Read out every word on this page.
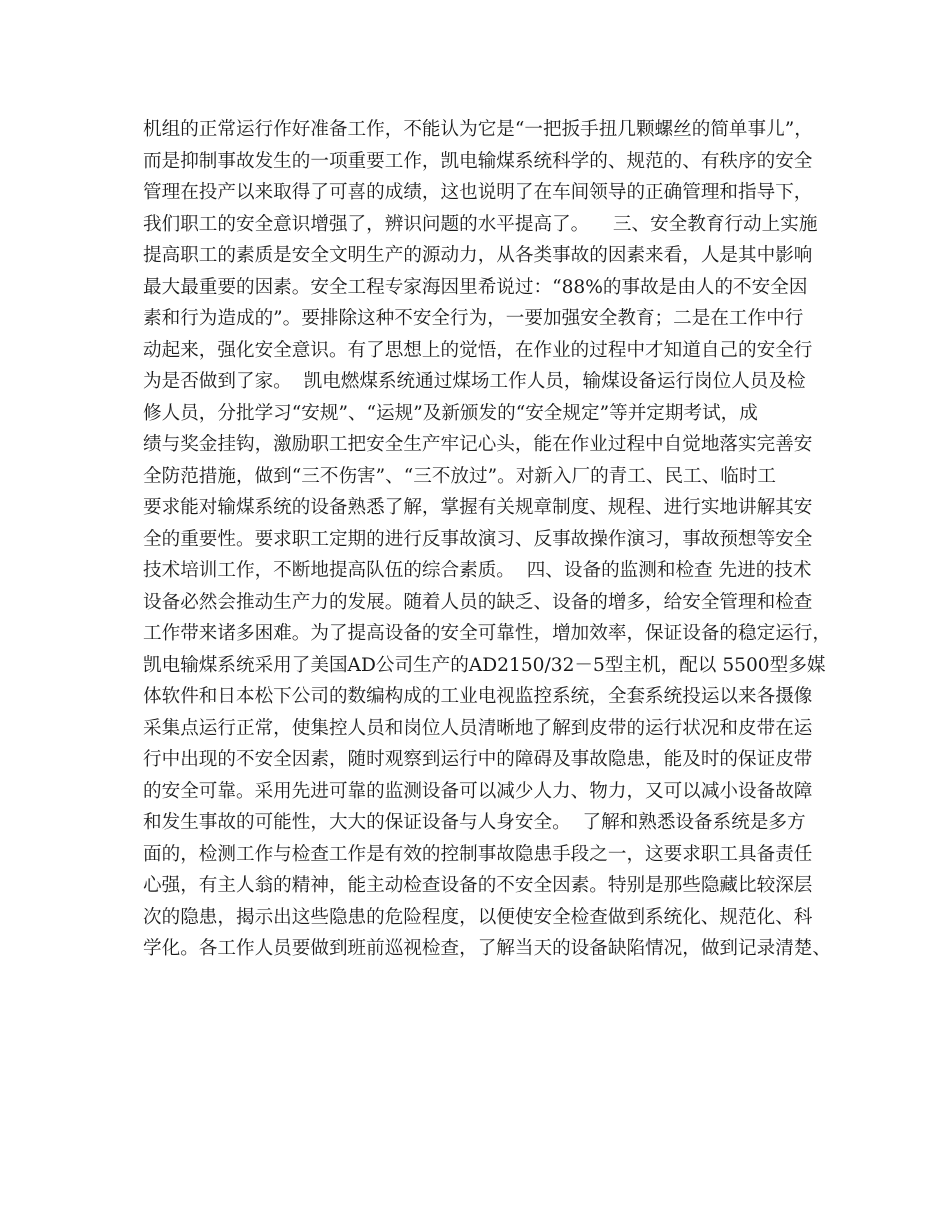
机组的正常运行作好准备工作，不能认为它是“一把扳手扭几颗螺丝的简单事儿”，
而是抑制事故发生的一项重要工作，凯电输煤系统科学的、规范的、有秩序的安全
管理在投产以来取得了可喜的成绩，这也说明了在车间领导的正确管理和指导下，
我们职工的安全意识增强了，辨识问题的水平提高了。    三、安全教育行动上实施
提高职工的素质是安全文明生产的源动力，从各类事故的因素来看，人是其中影响
最大最重要的因素。安全工程专家海因里希说过：“88%的事故是由人的不安全因
素和行为造成的”。要排除这种不安全行为，一要加强安全教育；二是在工作中行
动起来，强化安全意识。有了思想上的觉悟，在作业的过程中才知道自己的安全行
为是否做到了家。  凯电燃煤系统通过煤场工作人员，输煤设备运行岗位人员及检
修人员，分批学习“安规”、“运规”及新颁发的“安全规定”等并定期考试，成
绩与奖金挂钩，激励职工把安全生产牢记心头，能在作业过程中自觉地落实完善安
全防范措施，做到“三不伤害”、“三不放过”。对新入厂的青工、民工、临时工
要求能对输煤系统的设备熟悉了解，掌握有关规章制度、规程、进行实地讲解其安
全的重要性。要求职工定期的进行反事故演习、反事故操作演习，事故预想等安全
技术培训工作，不断地提高队伍的综合素质。  四、设备的监测和检查 先进的技术
设备必然会推动生产力的发展。随着人员的缺乏、设备的增多，给安全管理和检查
工作带来诸多困难。为了提高设备的安全可靠性，增加效率，保证设备的稳定运行，
凯电输煤系统采用了美国AD公司生产的AD2150/32－5型主机，配以 5500型多媒
体软件和日本松下公司的数编构成的工业电视监控系统，全套系统投运以来各摄像
采集点运行正常，使集控人员和岗位人员清晰地了解到皮带的运行状况和皮带在运
行中出现的不安全因素，随时观察到运行中的障碍及事故隐患，能及时的保证皮带
的安全可靠。采用先进可靠的监测设备可以减少人力、物力，又可以减小设备故障
和发生事故的可能性，大大的保证设备与人身安全。  了解和熟悉设备系统是多方
面的，检测工作与检查工作是有效的控制事故隐患手段之一，这要求职工具备责任
心强，有主人翁的精神，能主动检查设备的不安全因素。特别是那些隐藏比较深层
次的隐患，揭示出这些隐患的危险程度，以便使安全检查做到系统化、规范化、科
学化。各工作人员要做到班前巡视检查，了解当天的设备缺陷情况，做到记录清楚、
